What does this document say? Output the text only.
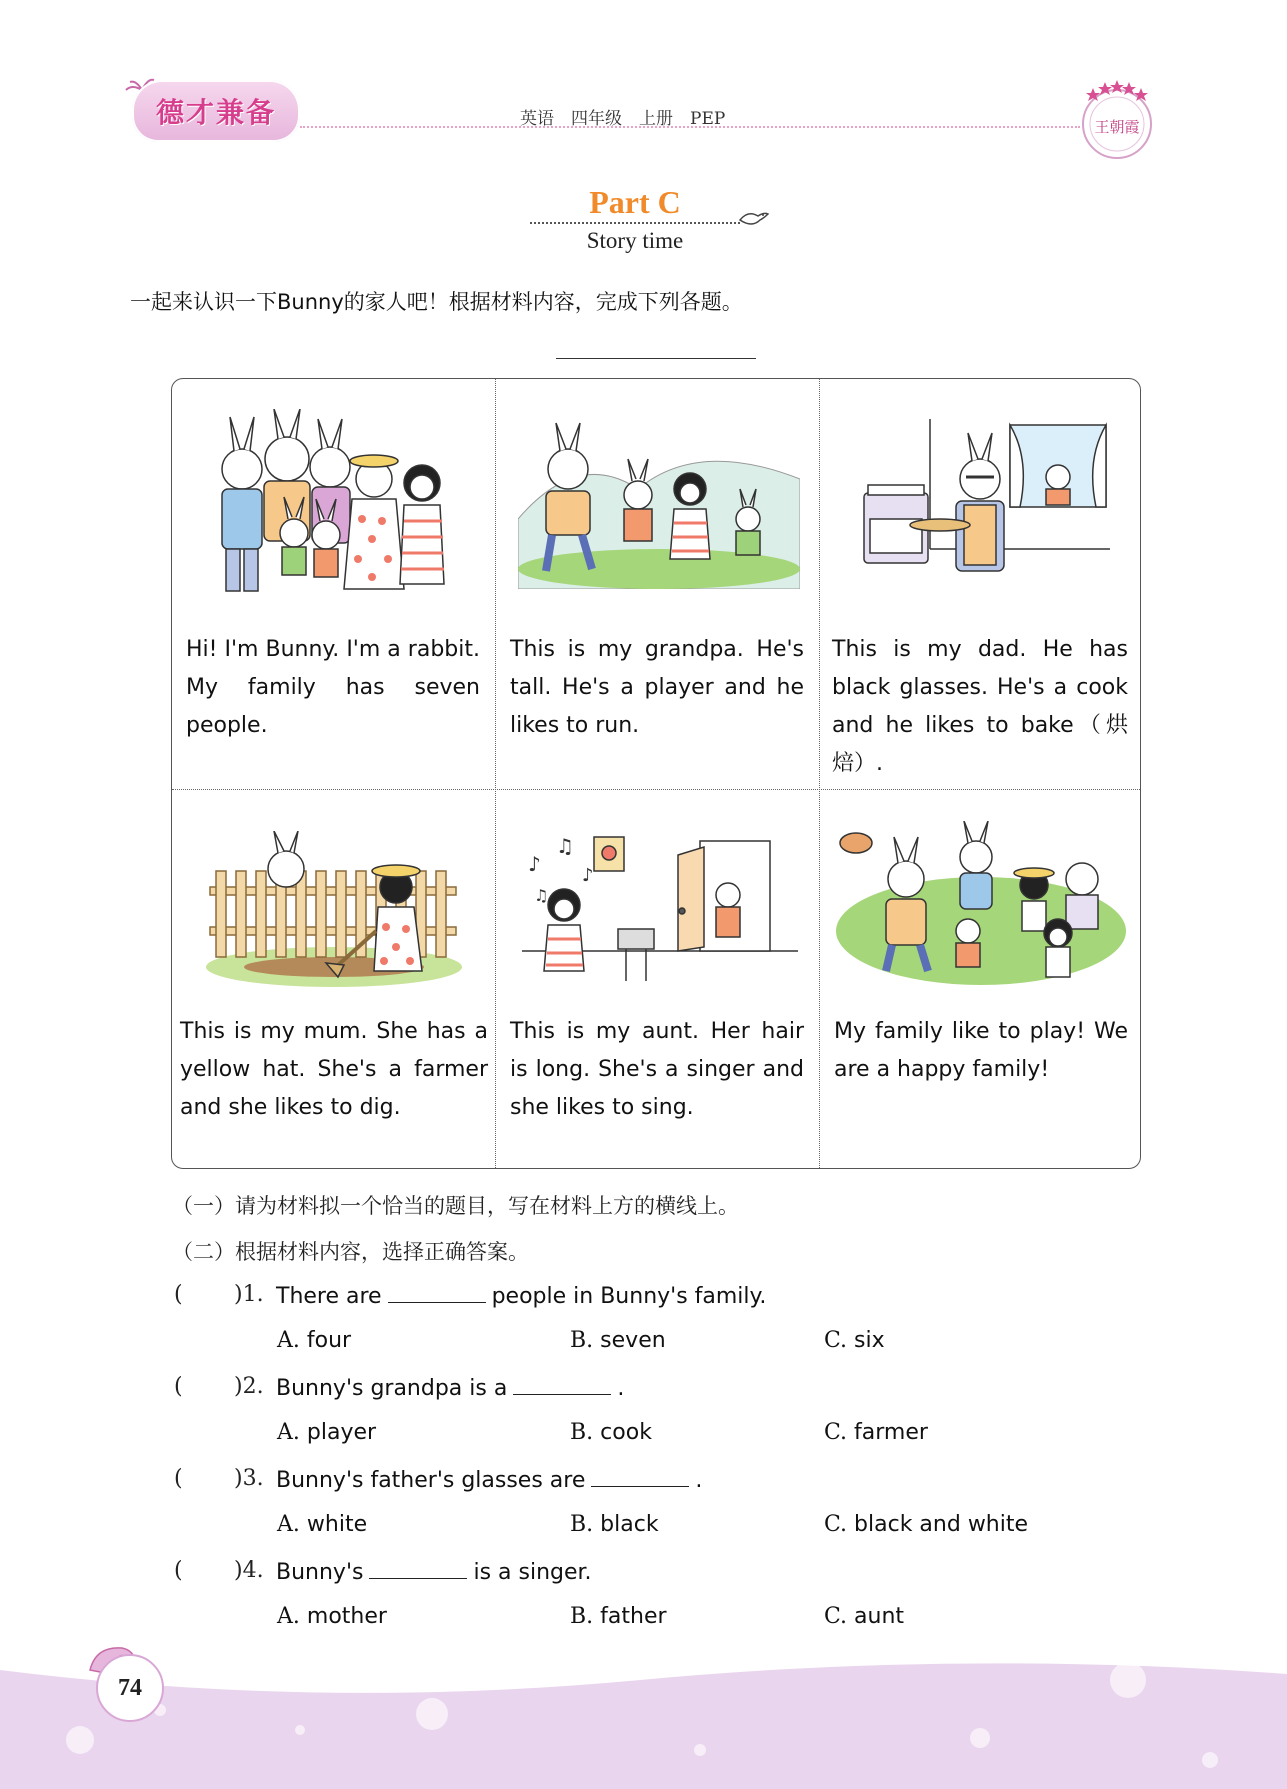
德才兼备	英语　四年级　上册　PEP	王朝霞
Part C
Story time
一起来认识一下Bunny的家人吧！根据材料内容，完成下列各题。
Hi! I'm Bunny. I'm a rabbit. My family has seven people.
This is my grandpa. He's tall. He's a player and he likes to run.
This is my dad. He has black glasses. He's a cook and he likes to bake（烘焙）.
This is my mum. She has a yellow hat. She's a farmer and she likes to dig.
♪
♫
♪
♫
This is my aunt. Her hair is long. She's a singer and she likes to sing.
My family like to play! We are a happy family!
（一）请为材料拟一个恰当的题目，写在材料上方的横线上。
（二）根据材料内容，选择正确答案。
( )1. There are	people in Bunny's family.
A. four	B. seven	C. six
( )2. Bunny's grandpa is a	.
A. player	B. cook	C. farmer
( )3. Bunny's father's glasses are	.
A. white	B. black	C. black and white
( )4. Bunny's	is a singer.
A. mother	B. father	C. aunt
74
